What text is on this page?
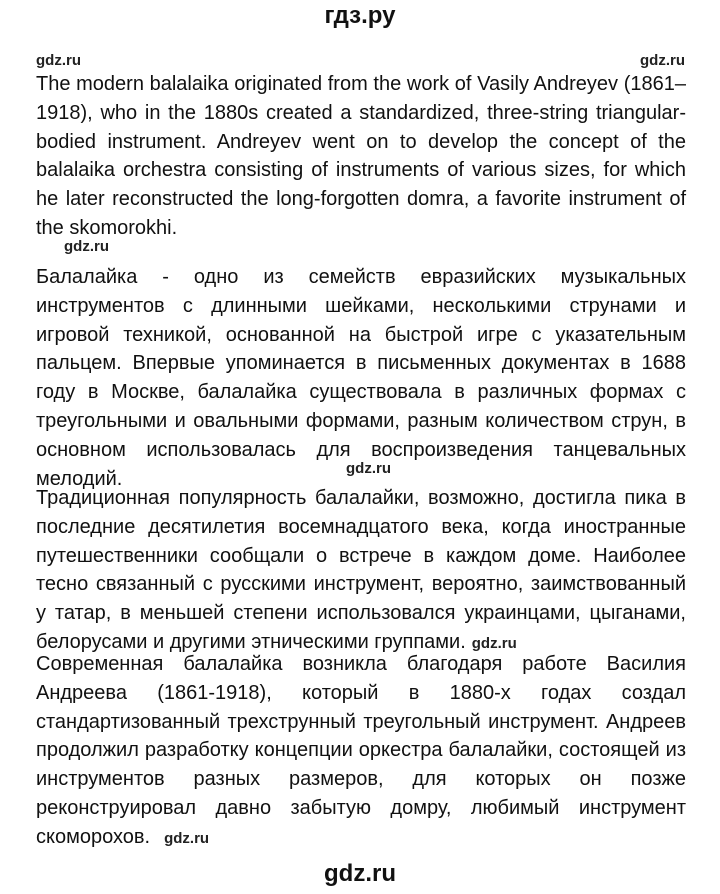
гдз.ру
gdz.ru	gdz.ru

The modern balalaika originated from the work of Vasily Andreyev (1861–1918), who in the 1880s created a standardized, three-string triangular-bodied instrument. Andreyev went on to develop the concept of the balalaika orchestra consisting of instruments of various sizes, for which he later reconstructed the long-forgotten domra, a favorite instrument of the skomorokhi.

gdz.ru

Балалайка - одно из семейств евразийских музыкальных инструментов с длинными шейками, несколькими струнами и игровой техникой, основанной на быстрой игре с указательным пальцем. Впервые упоминается в письменных документах в 1688 году в Москве, балалайка существовала в различных формах с треугольными и овальными формами, разным количеством струн, в основном использовалась для воспроизведения танцевальных мелодий.	gdz.ru

Традиционная популярность балалайки, возможно, достигла пика в последние десятилетия восемнадцатого века, когда иностранные путешественники сообщали о встрече в каждом доме. Наиболее тесно связанный с русскими инструмент, вероятно, заимствованный у татар, в меньшей степени использовался украинцами, цыганами, белорусами и другими этническими группами. gdz.ru

Современная балалайка возникла благодаря работе Василия Андреева (1861-1918), который в 1880-х годах создал стандартизованный трехструнный треугольный инструмент. Андреев продолжил разработку концепции оркестра балалайки, состоящей из инструментов разных размеров, для которых он позже реконструировал давно забытую домру, любимый инструмент скоморохов. gdz.ru

gdz.ru
